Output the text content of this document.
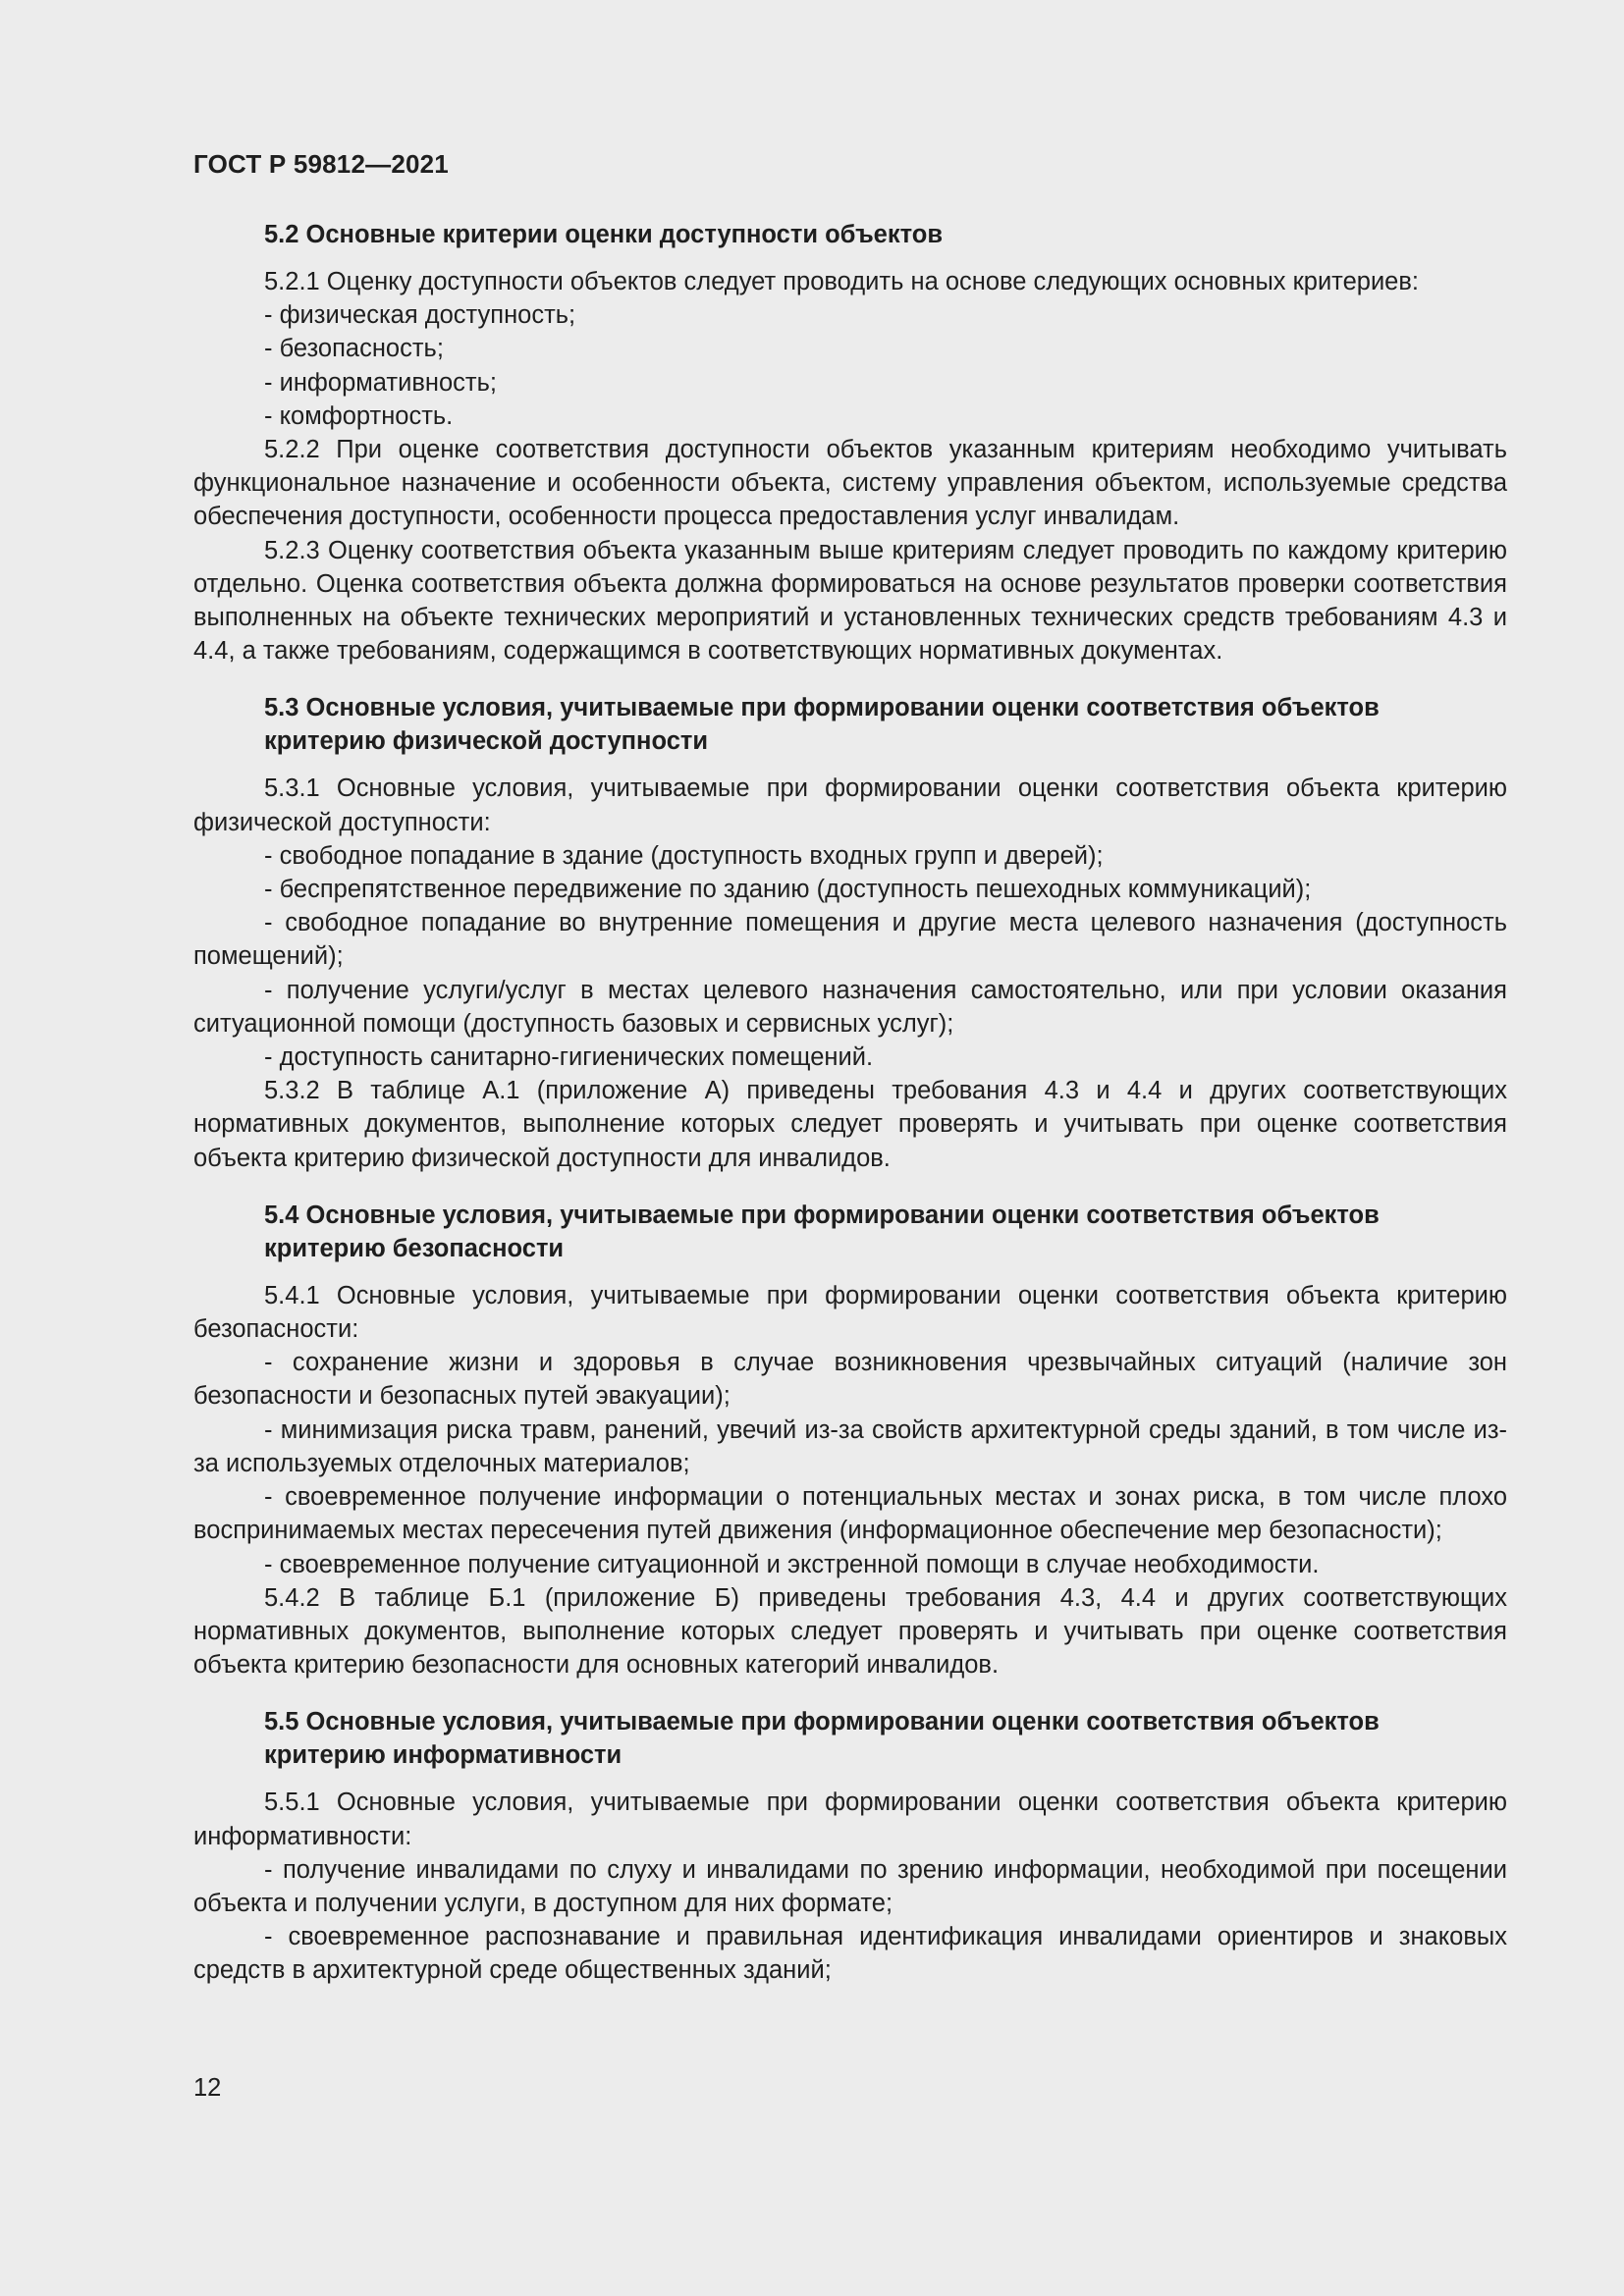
ГОСТ Р 59812—2021
5.2 Основные критерии оценки доступности объектов

5.2.1 Оценку доступности объектов следует проводить на основе следующих основных критериев:

- физическая доступность;

- безопасность;

- информативность;

- комфортность.

5.2.2 При оценке соответствия доступности объектов указанным критериям необходимо учитывать функциональное назначение и особенности объекта, систему управления объектом, используемые средства обеспечения доступности, особенности процесса предоставления услуг инвалидам.

5.2.3 Оценку соответствия объекта указанным выше критериям следует проводить по каждому критерию отдельно. Оценка соответствия объекта должна формироваться на основе результатов проверки соответствия выполненных на объекте технических мероприятий и установленных технических средств требованиям 4.3 и 4.4, а также требованиям, содержащимся в соответствующих нормативных документах.

5.3 Основные условия, учитываемые при формировании оценки соответствия объектов критерию физической доступности

5.3.1 Основные условия, учитываемые при формировании оценки соответствия объекта критерию физической доступности:

- свободное попадание в здание (доступность входных групп и дверей);

- беспрепятственное передвижение по зданию (доступность пешеходных коммуникаций);

- свободное попадание во внутренние помещения и другие места целевого назначения (доступность помещений);

- получение услуги/услуг в местах целевого назначения самостоятельно, или при условии оказания ситуационной помощи (доступность базовых и сервисных услуг);

- доступность санитарно-гигиенических помещений.

5.3.2 В таблице А.1 (приложение А) приведены требования 4.3 и 4.4 и других соответствующих нормативных документов, выполнение которых следует проверять и учитывать при оценке соответствия объекта критерию физической доступности для инвалидов.

5.4 Основные условия, учитываемые при формировании оценки соответствия объектов критерию безопасности

5.4.1 Основные условия, учитываемые при формировании оценки соответствия объекта критерию безопасности:

- сохранение жизни и здоровья в случае возникновения чрезвычайных ситуаций (наличие зон безопасности и безопасных путей эвакуации);

- минимизация риска травм, ранений, увечий из-за свойств архитектурной среды зданий, в том числе из-за используемых отделочных материалов;

- своевременное получение информации о потенциальных местах и зонах риска, в том числе плохо воспринимаемых местах пересечения путей движения (информационное обеспечение мер безопасности);

- своевременное получение ситуационной и экстренной помощи в случае необходимости.

5.4.2 В таблице Б.1 (приложение Б) приведены требования 4.3, 4.4 и других соответствующих нормативных документов, выполнение которых следует проверять и учитывать при оценке соответствия объекта критерию безопасности для основных категорий инвалидов.

5.5 Основные условия, учитываемые при формировании оценки соответствия объектов критерию информативности

5.5.1 Основные условия, учитываемые при формировании оценки соответствия объекта критерию информативности:

- получение инвалидами по слуху и инвалидами по зрению информации, необходимой при посещении объекта и получении услуги, в доступном для них формате;

- своевременное распознавание и правильная идентификация инвалидами ориентиров и знаковых средств в архитектурной среде общественных зданий;

12
